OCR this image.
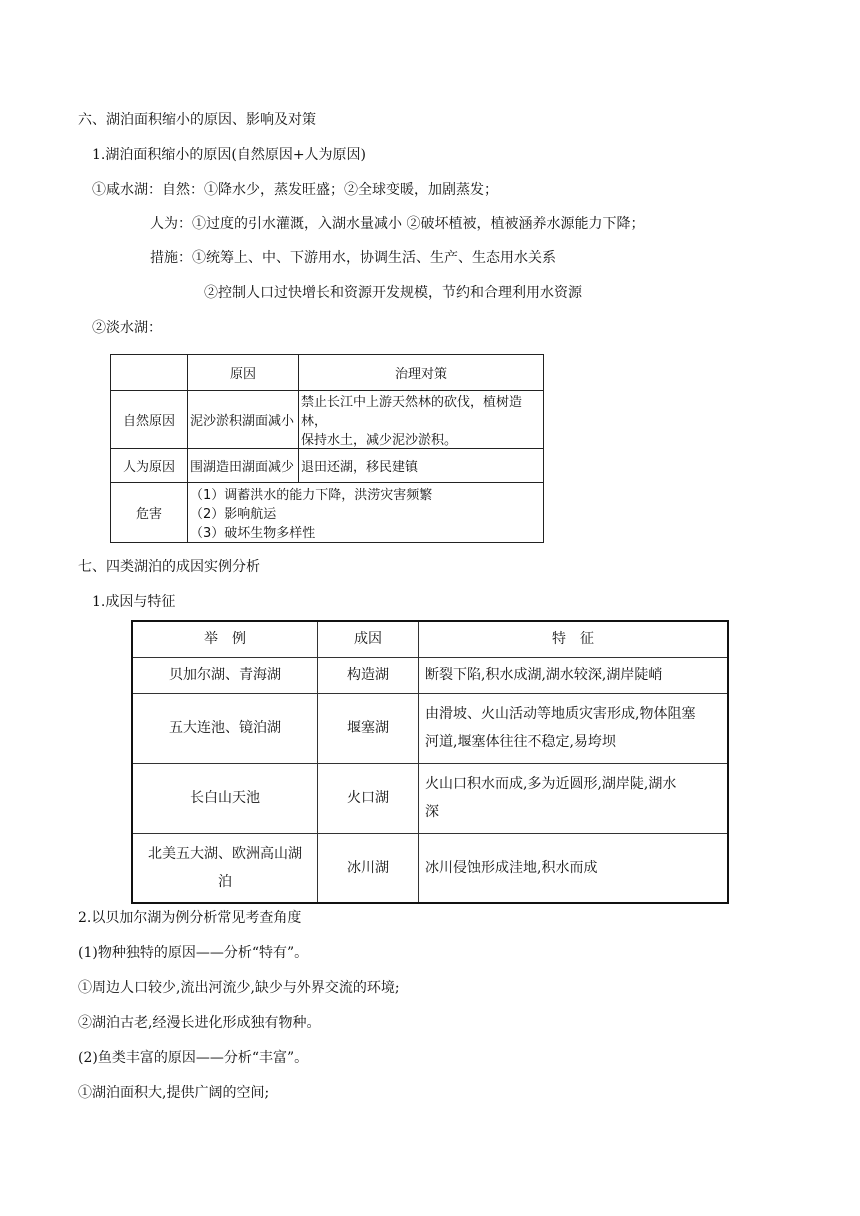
六、湖泊面积缩小的原因、影响及对策
1.湖泊面积缩小的原因(自然原因+人为原因)
①咸水湖：自然：①降水少，蒸发旺盛；②全球变暖，加剧蒸发；
人为：①过度的引水灌溉，入湖水量减小 ②破坏植被，植被涵养水源能力下降；
措施：①统筹上、中、下游用水，协调生活、生产、生态用水关系
②控制人口过快增长和资源开发规模，节约和合理利用水资源
②淡水湖：
	原因	治理对策
自然原因	泥沙淤积湖面减小	禁止长江中上游天然林的砍伐，植树造林，
保持水土，减少泥沙淤积。

人为原因	围湖造田湖面减少	退田还湖，移民建镇
危害	（1）调蓄洪水的能力下降，洪涝灾害频繁
（2）影响航运
（3）破坏生物多样性	
七、四类湖泊的成因实例分析
1.成因与特征
举　例	成因	特　征
贝加尔湖、青海湖	构造湖	断裂下陷,积水成湖,湖水较深,湖岸陡峭
五大连池、镜泊湖	堰塞湖	由滑坡、火山活动等地质灾害形成,物体阻塞
河道,堰塞体往往不稳定,易垮坝

长白山天池	火口湖	火山口积水而成,多为近圆形,湖岸陡,湖水
深

北美五大湖、欧洲高山湖
泊	冰川湖	冰川侵蚀形成洼地,积水而成
2.以贝加尔湖为例分析常见考查角度
(1)物种独特的原因——分析“特有”。
①周边人口较少,流出河流少,缺少与外界交流的环境;
②湖泊古老,经漫长进化形成独有物种。
(2)鱼类丰富的原因——分析“丰富”。
①湖泊面积大,提供广阔的空间;
